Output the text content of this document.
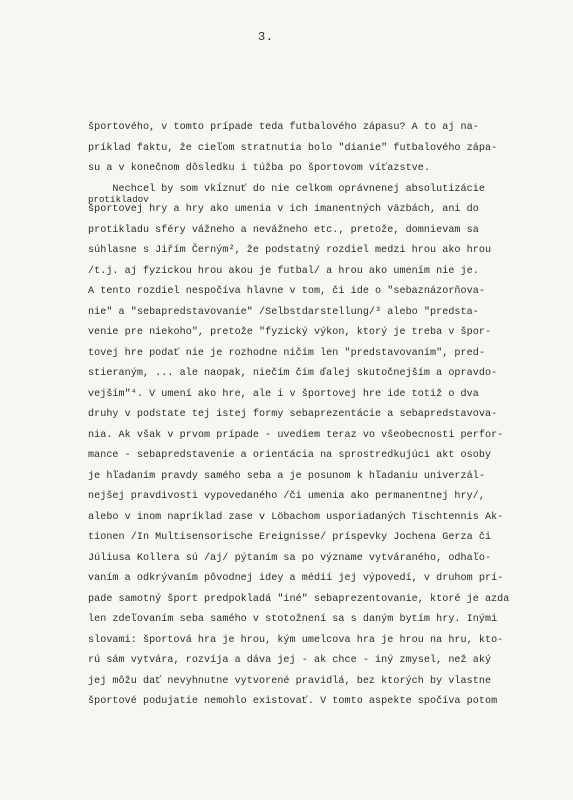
3.
protikladov
športového, v tomto prípade teda futbalového zápasu? A to aj na-
príklad faktu, že cieľom stratnutia bolo "dianie" futbalového zápa-
su a v konečnom dôsledku i túžba po športovom víťazstve.
Nechcel by som vkĺznuť do nie celkom oprávnenej absolutizácie
športovej hry a hry ako umenia v ich imanentných väzbách, ani do
protikladu sféry vážneho a nevážneho etc., pretože, domnievam sa
súhlasne s Jiřím Černým², že podstatný rozdiel medzi hrou ako hrou
/t.j. aj fyzickou hrou akou je futbal/ a hrou ako umením nie je.
A tento rozdiel nespočíva hlavne v tom, či ide o "sebaznázorňova-
nie" a "sebapredstavovanie" /Selbstdarstellung/³ alebo "predsta-
venie pre niekoho", pretože "fyzický výkon, ktorý je treba v špor-
tovej hre podať nie je rozhodne ničím len "predstavovaním", pred-
stieraným, ... ale naopak, niečím čím ďalej skutočnejším a opravdo-
vejším"⁴. V umení ako hre, ale i v športovej hre ide totiž o dva
druhy v podstate tej istej formy sebaprezentácie a sebapredstavova-
nia. Ak však v prvom prípade - uvediem teraz vo všeobecnosti perfor-
mance - sebapredstavenie a orientácia na sprostredkujúci akt osoby
je hľadaním pravdy samého seba a je posunom k hľadaniu univerzál-
nejšej pravdivosti vypovedaného /či umenia ako permanentnej hry/,
alebo v inom napríklad zase v Löbachom usporiadaných Tischtennis Ak-
tionen /In Multisensorische Ereignisse/ príspevky Jochena Gerza či
Júliusa Kollera sú /aj/ pýtaním sa po význame vytváraného, odhaľo-
vaním a odkrývaním pôvodnej idey a médií jej výpovedí, v druhom prí-
pade samotný šport predpokladá "iné" sebaprezentovanie, ktoré je azda
len zdeľovaním seba samého v stotožnení sa s daným bytím hry. Inými
slovami: športová hra je hrou, kým umelcova hra je hrou na hru, kto-
rú sám vytvára, rozvíja a dáva jej - ak chce - iný zmysel, než aký
jej môžu dať nevyhnutne vytvorené pravidlá, bez ktorých by vlastne
športové podujatie nemohlo existovať. V tomto aspekte spočíva potom
